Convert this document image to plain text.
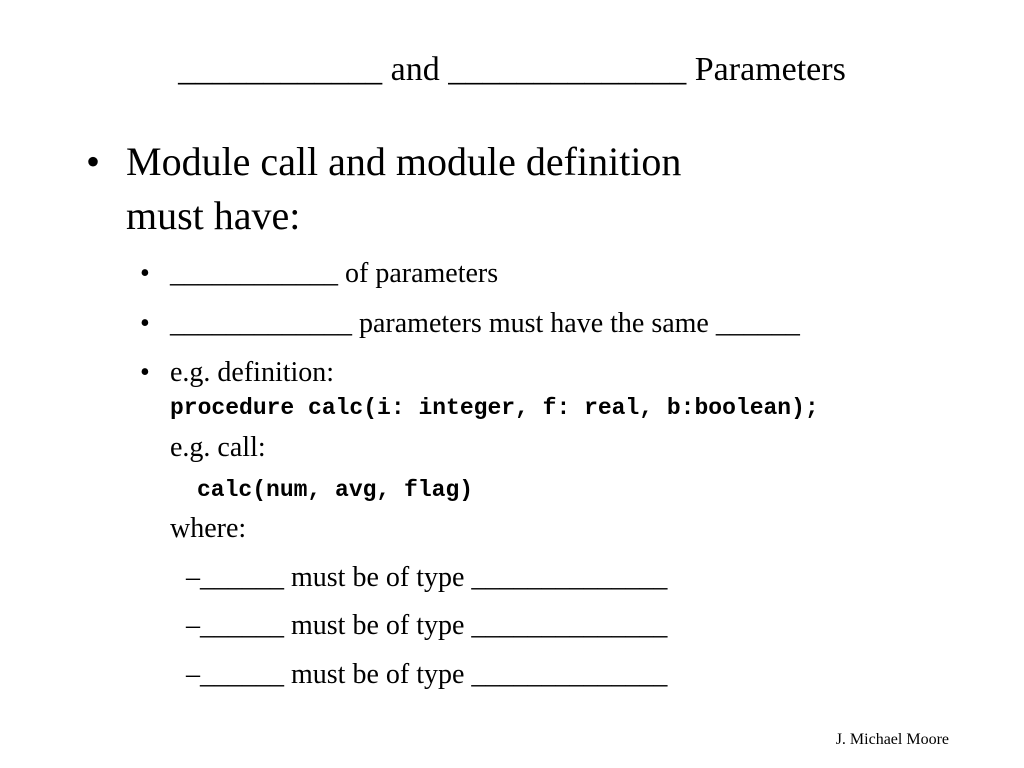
____________ and ______________ Parameters
• Module call and module definition
must have:
• ____________ of parameters
• _____________ parameters must have the same ______
• e.g. definition:
procedure calc(i: integer, f: real, b:boolean);
e.g. call:
calc(num, avg, flag)
where:
–______ must be of type ______________
–______ must be of type ______________
–______ must be of type ______________
J. Michael Moore
